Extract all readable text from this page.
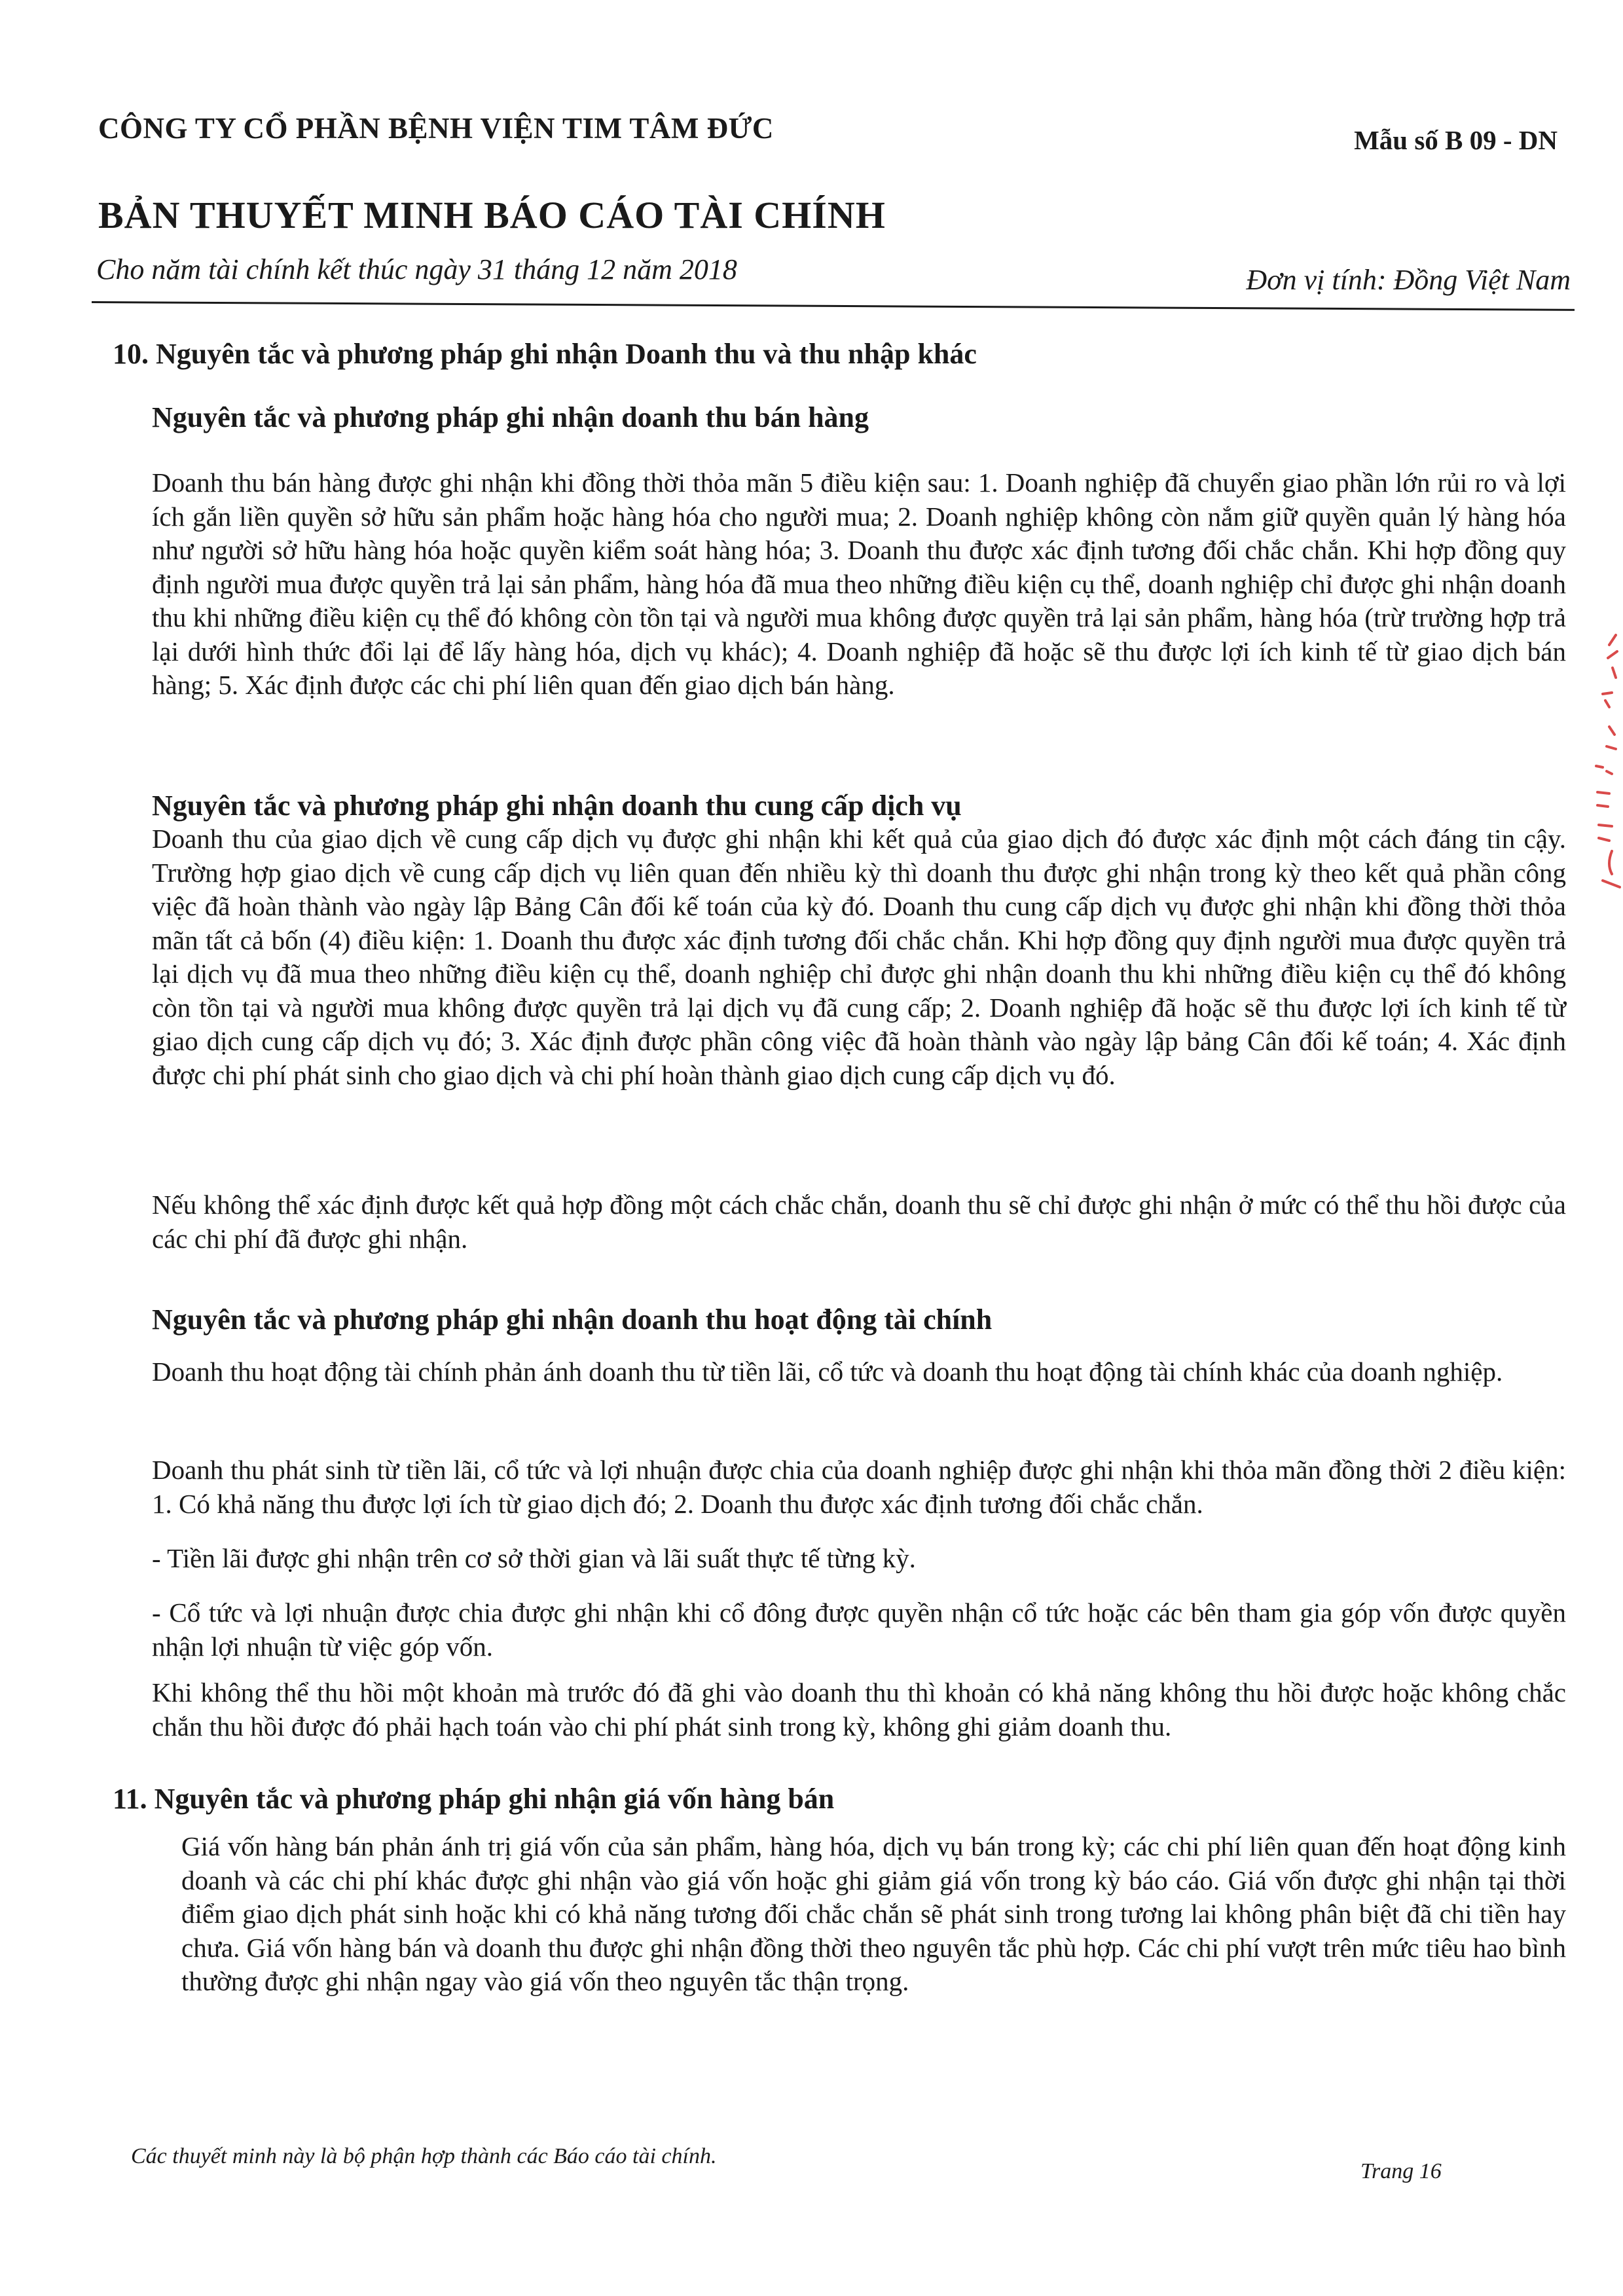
CÔNG TY CỔ PHẦN BỆNH VIỆN TIM TÂM ĐỨC	Mẫu số B 09 - DN
BẢN THUYẾT MINH BÁO CÁO TÀI CHÍNH
Cho năm tài chính kết thúc ngày 31 tháng 12 năm 2018	Đơn vị tính: Đồng Việt Nam
10. Nguyên tắc và phương pháp ghi nhận Doanh thu và thu nhập khác
Nguyên tắc và phương pháp ghi nhận doanh thu bán hàng

Doanh thu bán hàng được ghi nhận khi đồng thời thỏa mãn 5 điều kiện sau: 1. Doanh nghiệp đã chuyển giao phần lớn rủi ro và lợi ích gắn liền quyền sở hữu sản phẩm hoặc hàng hóa cho người mua; 2. Doanh nghiệp không còn nắm giữ quyền quản lý hàng hóa như người sở hữu hàng hóa hoặc quyền kiểm soát hàng hóa; 3. Doanh thu được xác định tương đối chắc chắn. Khi hợp đồng quy định người mua được quyền trả lại sản phẩm, hàng hóa đã mua theo những điều kiện cụ thể, doanh nghiệp chỉ được ghi nhận doanh thu khi những điều kiện cụ thể đó không còn tồn tại và người mua không được quyền trả lại sản phẩm, hàng hóa (trừ trường hợp trả lại dưới hình thức đổi lại để lấy hàng hóa, dịch vụ khác); 4. Doanh nghiệp đã hoặc sẽ thu được lợi ích kinh tế từ giao dịch bán hàng; 5. Xác định được các chi phí liên quan đến giao dịch bán hàng.

Nguyên tắc và phương pháp ghi nhận doanh thu cung cấp dịch vụ

Doanh thu của giao dịch về cung cấp dịch vụ được ghi nhận khi kết quả của giao dịch đó được xác định một cách đáng tin cậy. Trường hợp giao dịch về cung cấp dịch vụ liên quan đến nhiều kỳ thì doanh thu được ghi nhận trong kỳ theo kết quả phần công việc đã hoàn thành vào ngày lập Bảng Cân đối kế toán của kỳ đó. Doanh thu cung cấp dịch vụ được ghi nhận khi đồng thời thỏa mãn tất cả bốn (4) điều kiện: 1. Doanh thu được xác định tương đối chắc chắn. Khi hợp đồng quy định người mua được quyền trả lại dịch vụ đã mua theo những điều kiện cụ thể, doanh nghiệp chỉ được ghi nhận doanh thu khi những điều kiện cụ thể đó không còn tồn tại và người mua không được quyền trả lại dịch vụ đã cung cấp; 2. Doanh nghiệp đã hoặc sẽ thu được lợi ích kinh tế từ giao dịch cung cấp dịch vụ đó; 3. Xác định được phần công việc đã hoàn thành vào ngày lập bảng Cân đối kế toán; 4. Xác định được chi phí phát sinh cho giao dịch và chi phí hoàn thành giao dịch cung cấp dịch vụ đó.

Nếu không thể xác định được kết quả hợp đồng một cách chắc chắn, doanh thu sẽ chỉ được ghi nhận ở mức có thể thu hồi được của các chi phí đã được ghi nhận.

Nguyên tắc và phương pháp ghi nhận doanh thu hoạt động tài chính

Doanh thu hoạt động tài chính phản ánh doanh thu từ tiền lãi, cổ tức và doanh thu hoạt động tài chính khác của doanh nghiệp.

Doanh thu phát sinh từ tiền lãi, cổ tức và lợi nhuận được chia của doanh nghiệp được ghi nhận khi thỏa mãn đồng thời 2 điều kiện: 1. Có khả năng thu được lợi ích từ giao dịch đó; 2. Doanh thu được xác định tương đối chắc chắn.

- Tiền lãi được ghi nhận trên cơ sở thời gian và lãi suất thực tế từng kỳ.

- Cổ tức và lợi nhuận được chia được ghi nhận khi cổ đông được quyền nhận cổ tức hoặc các bên tham gia góp vốn được quyền nhận lợi nhuận từ việc góp vốn.

Khi không thể thu hồi một khoản mà trước đó đã ghi vào doanh thu thì khoản có khả năng không thu hồi được hoặc không chắc chắn thu hồi được đó phải hạch toán vào chi phí phát sinh trong kỳ, không ghi giảm doanh thu.

11. Nguyên tắc và phương pháp ghi nhận giá vốn hàng bán

Giá vốn hàng bán phản ánh trị giá vốn của sản phẩm, hàng hóa, dịch vụ bán trong kỳ; các chi phí liên quan đến hoạt động kinh doanh và các chi phí khác được ghi nhận vào giá vốn hoặc ghi giảm giá vốn trong kỳ báo cáo. Giá vốn được ghi nhận tại thời điểm giao dịch phát sinh hoặc khi có khả năng tương đối chắc chắn sẽ phát sinh trong tương lai không phân biệt đã chi tiền hay chưa. Giá vốn hàng bán và doanh thu được ghi nhận đồng thời theo nguyên tắc phù hợp. Các chi phí vượt trên mức tiêu hao bình thường được ghi nhận ngay vào giá vốn theo nguyên tắc thận trọng.

Các thuyết minh này là bộ phận hợp thành các Báo cáo tài chính.
Trang 16
